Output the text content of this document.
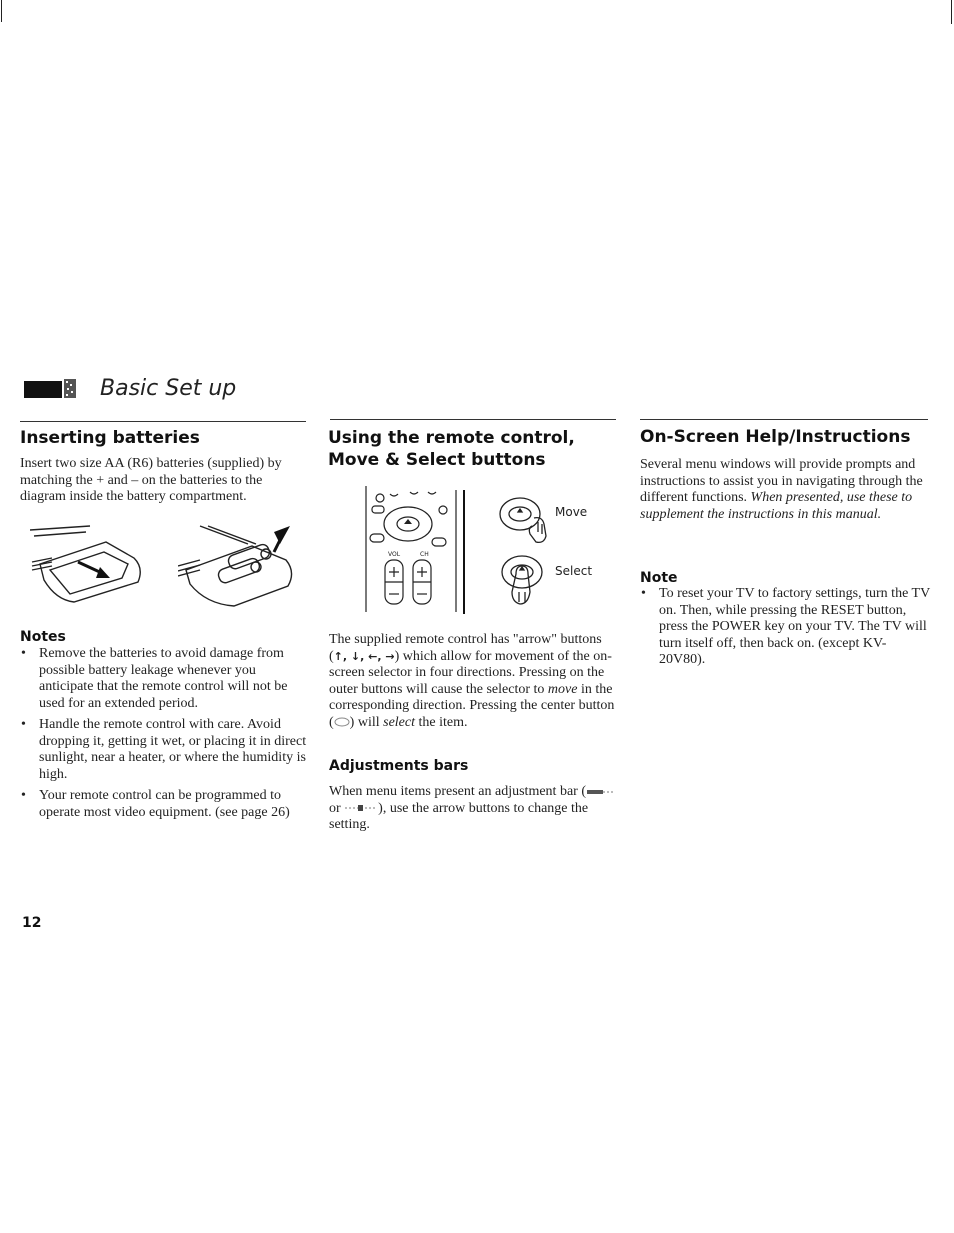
Basic Set up
Inserting batteries
Insert two size AA (R6) batteries (supplied) by matching the + and – on the batteries to the diagram inside the battery compartment.
Notes
• Remove the batteries to avoid damage from possible battery leakage whenever you anticipate that the remote control will not be used for an extended period.
• Handle the remote control with care. Avoid dropping it, getting it wet, or placing it in direct sunlight, near a heater, or where the humidity is high.
• Your remote control can be programmed to operate most video equipment. (see page 26)
Using the remote control,
Move & Select buttons
VOL	CH
Move
Select
The supplied remote control has "arrow" buttons (↑, ↓, ←, →) which allow for movement of the on-screen selector in four directions. Pressing on the outer buttons will cause the selector to move in the corresponding direction. Pressing the center button ( ) will select the item.
Adjustments bars
When menu items present an adjustment bar ( or ), use the arrow buttons to change the setting.
On-Screen Help/Instructions
Several menu windows will provide prompts and instructions to assist you in navigating through the different functions. When presented, use these to supplement the instructions in this manual.
Note
• To reset your TV to factory settings, turn the TV on. Then, while pressing the RESET button, press the POWER key on your TV. The TV will turn itself off, then back on. (except KV-20V80).
12
